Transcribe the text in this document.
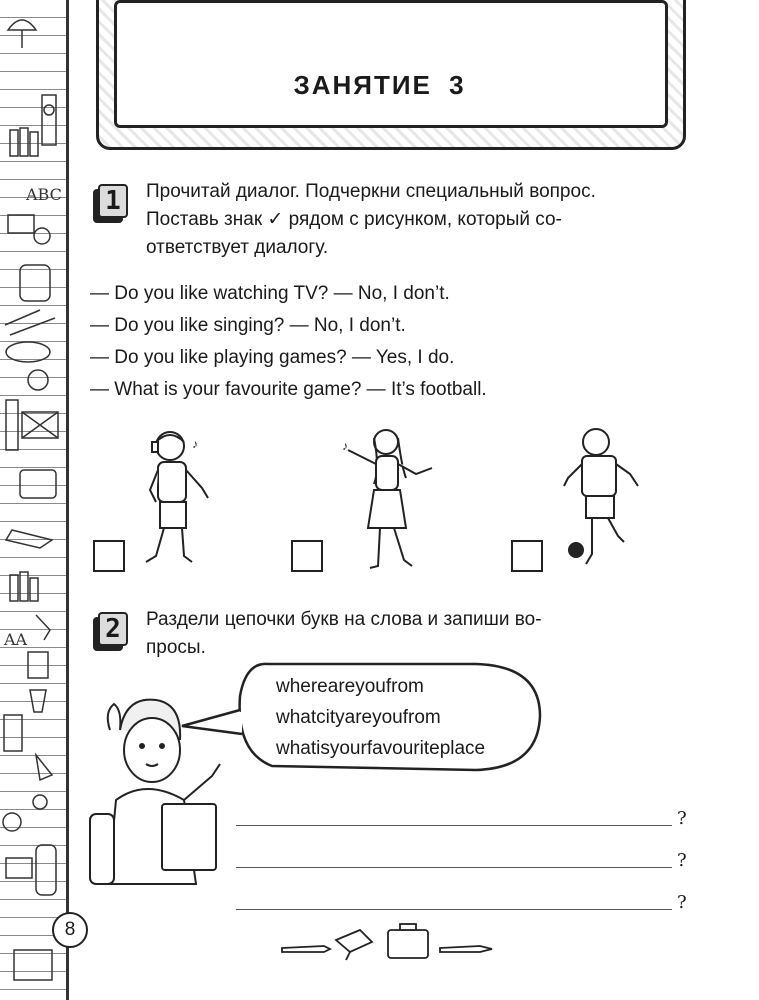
ABC
AA
ЗАНЯТИЕ 3
1	Прочитай диалог. Подчеркни специальный вопрос.
Поставь знак ✓ рядом с рисунком, который со-
ответствует диалогу.
— Do you like watching TV? — No, I don’t.
— Do you like singing? — No, I don’t.
— Do you like playing games? — Yes, I do.
— What is your favourite game? — It’s football.
♪	♪
2	Раздели цепочки букв на слова и запиши во-
просы.
whereareyoufrom
whatcityareyoufrom
whatisyourfavouriteplace
?
?
?
8
